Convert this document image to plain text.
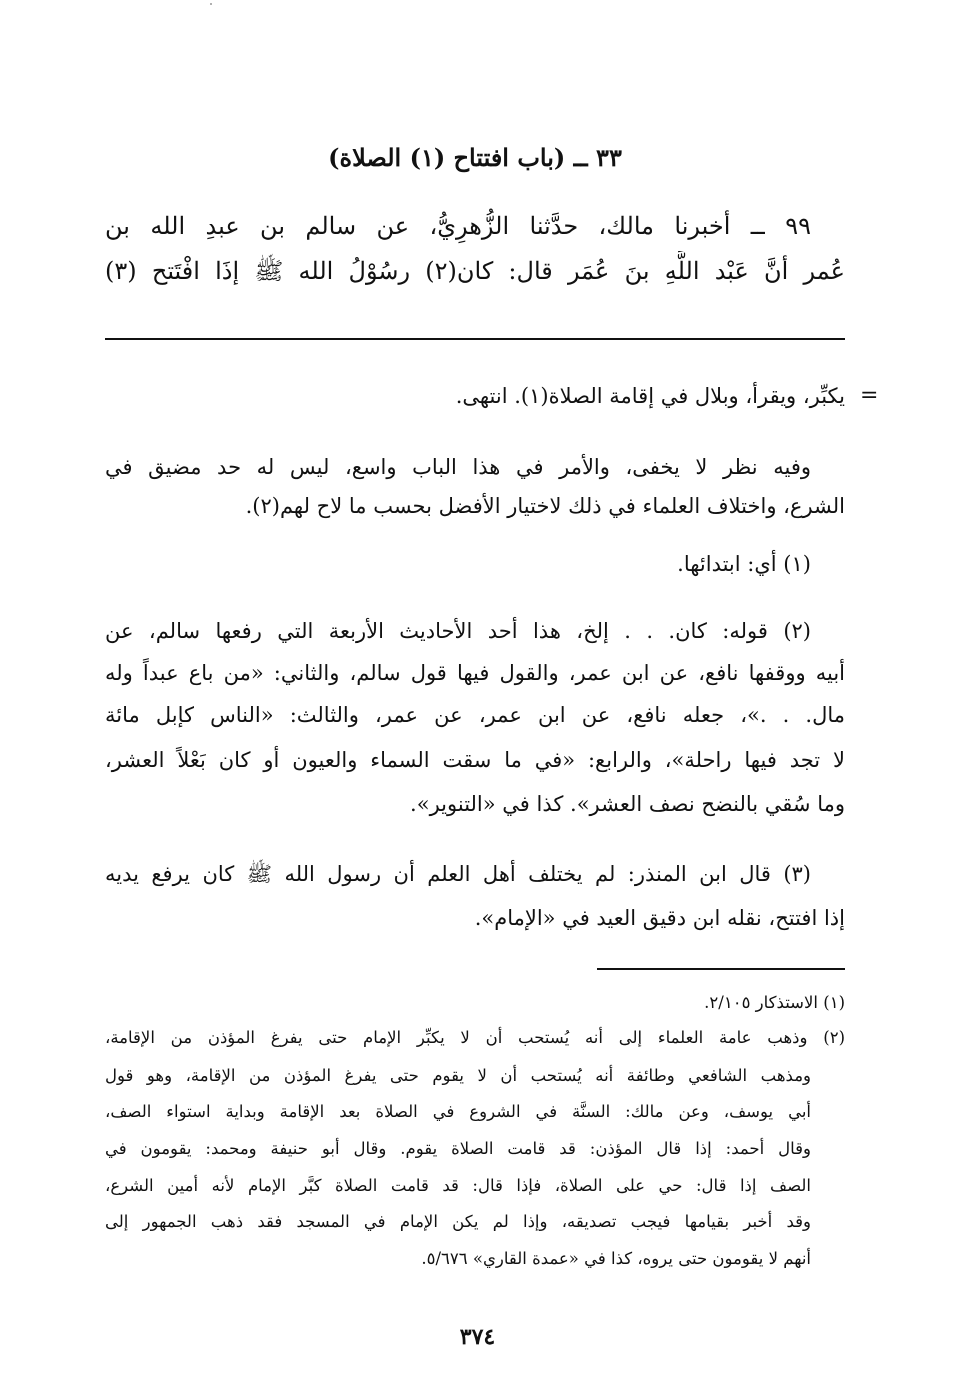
٣٣ ــ (باب افتتاح (١) الصلاة)
٩٩ ــ أخبرنا مالك، حدَّثنا الزُّهرِيُّ، عن سالم بن عبدِ الله بن
عُمر أنَّ عَبْد اللَّهِ بنَ عُمَر قال: كان(٢) رسُوْلُ الله ﷺ إذَا افْتَتح (٣)
=
يكبِّر، ويقرأ، وبلال في إقامة الصلاة(١). انتهى.
وفيه نظر لا يخفى، والأمر في هذا الباب واسع، ليس له حد مضيق في
الشرع، واختلاف العلماء في ذلك لاختيار الأفضل بحسب ما لاح لهم(٢).
(١) أي: ابتدائها.
(٢) قوله: كان. . . إلخ، هذا أحد الأحاديث الأربعة التي رفعها سالم، عن
أبيه ووقفها نافع، عن ابن عمر، والقول فيها قول سالم، والثاني: «من باع عبداً وله
مال. . .»، جعله نافع، عن ابن عمر، عن عمر، والثالث: «الناس كإبل مائة
لا تجد فيها راحلة»، والرابع: «في ما سقت السماء والعيون أو كان بَعْلاً العشر،
وما سُقي بالنضح نصف العشر». كذا في «التنوير».
(٣) قال ابن المنذر: لم يختلف أهل العلم أن رسول الله ﷺ كان يرفع يديه
إذا افتتح، نقله ابن دقيق العيد في «الإمام».
(١) الاستذكار ٢/١٠٥.
(٢) وذهب عامة العلماء إلى أنه يُستحب أن لا يكبِّر الإمام حتى يفرغ المؤذن من الإقامة،
ومذهب الشافعي وطائفة أنه يُستحب أن لا يقوم حتى يفرغ المؤذن من الإقامة، وهو قول
أبي يوسف، وعن مالك: السنَّة في الشروع في الصلاة بعد الإقامة وبداية استواء الصف،
وقال أحمد: إذا قال المؤذن: قد قامت الصلاة يقوم. وقال أبو حنيفة ومحمد: يقومون في
الصف إذا قال: حي على الصلاة، فإذا قال: قد قامت الصلاة كبَّر الإمام لأنه أمين الشرع،
وقد أخبر بقيامها فيجب تصديقه، وإذا لم يكن الإمام في المسجد فقد ذهب الجمهور إلى
أنهم لا يقومون حتى يروه، كذا في «عمدة القاري» ٥/٦٧٦.
٣٧٤
